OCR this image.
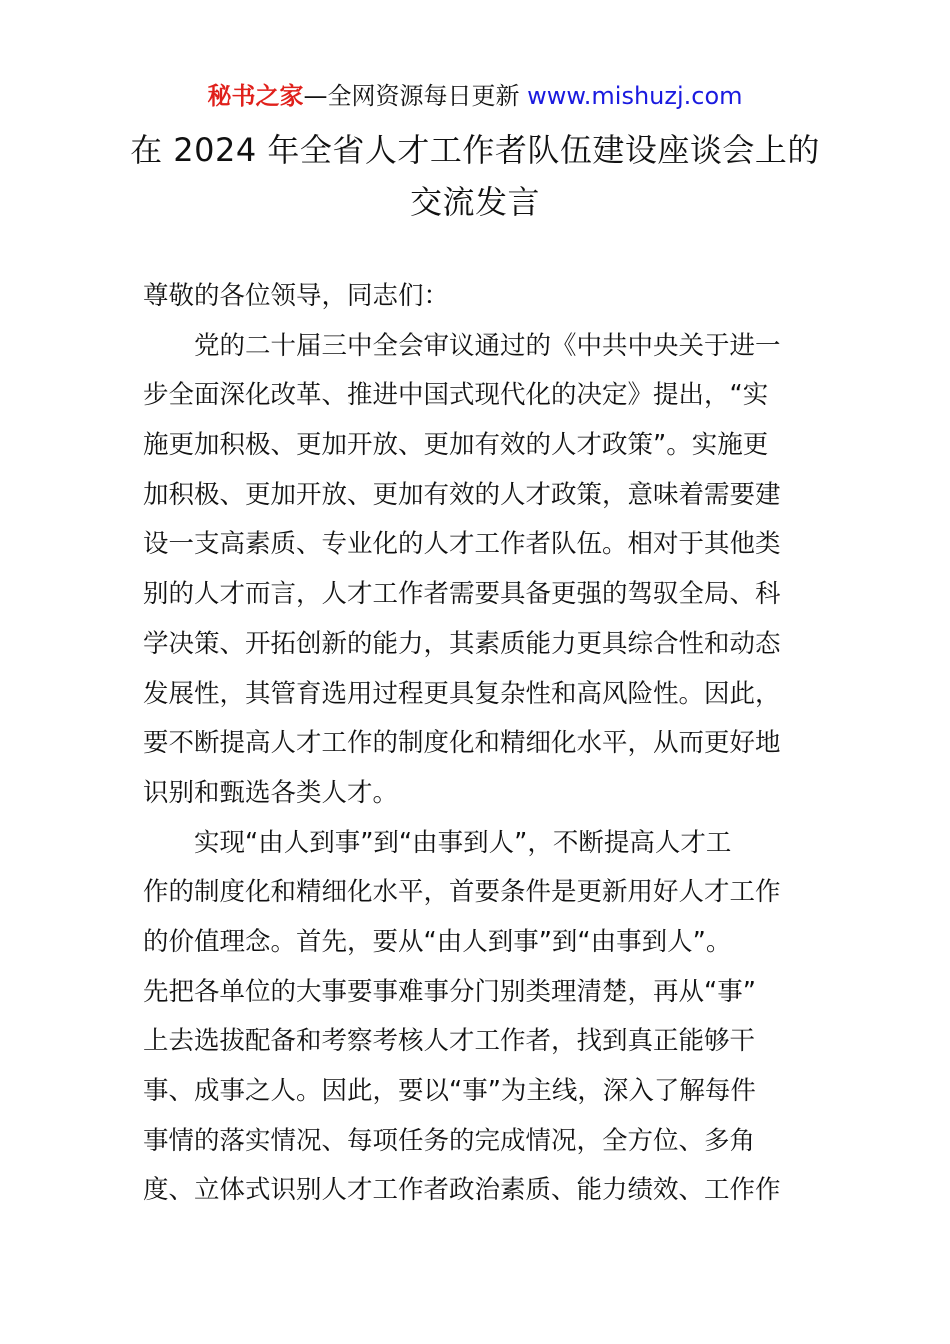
秘书之家—全网资源每日更新 www.mishuzj.com
在 2024 年全省人才工作者队伍建设座谈会上的
交流发言
尊敬的各位领导，同志们：
　　党的二十届三中全会审议通过的《中共中央关于进一
步全面深化改革、推进中国式现代化的决定》提出，“实
施更加积极、更加开放、更加有效的人才政策”。实施更
加积极、更加开放、更加有效的人才政策，意味着需要建
设一支高素质、专业化的人才工作者队伍。相对于其他类
别的人才而言，人才工作者需要具备更强的驾驭全局、科
学决策、开拓创新的能力，其素质能力更具综合性和动态
发展性，其管育选用过程更具复杂性和高风险性。因此，
要不断提高人才工作的制度化和精细化水平，从而更好地
识别和甄选各类人才。
　　实现“由人到事”到“由事到人”，不断提高人才工
作的制度化和精细化水平，首要条件是更新用好人才工作
的价值理念。首先，要从“由人到事”到“由事到人”。
先把各单位的大事要事难事分门别类理清楚，再从“事”
上去选拔配备和考察考核人才工作者，找到真正能够干
事、成事之人。因此，要以“事”为主线，深入了解每件
事情的落实情况、每项任务的完成情况，全方位、多角
度、立体式识别人才工作者政治素质、能力绩效、工作作
